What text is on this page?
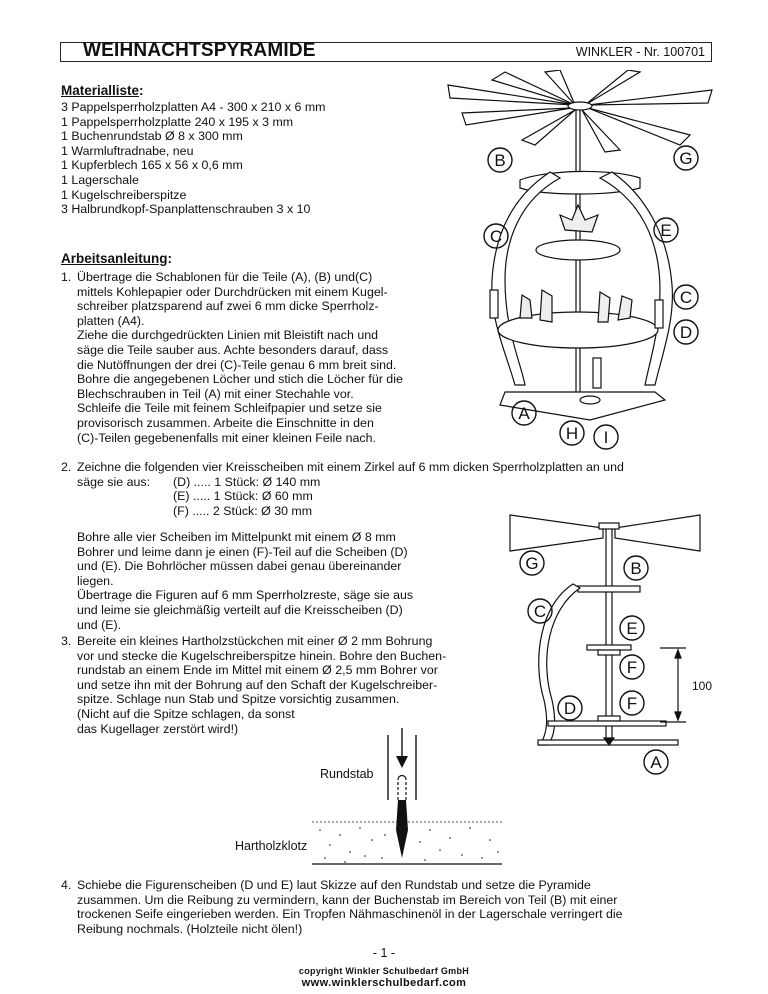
WEIHNACHTSPYRAMIDE	WINKLER - Nr. 100701
Materialliste:
3 Pappelsperrholzplatten A4 - 300 x 210 x 6 mm
1 Pappelsperrholzplatte 240 x 195 x 3 mm
1 Buchenrundstab Ø 8 x 300 mm
1 Warmluftradnabe, neu
1 Kupferblech 165 x 56 x 0,6 mm
1 Lagerschale
1 Kugelschreiberspitze
3 Halbrundkopf-Spanplattenschrauben 3 x 10
Arbeitsanleitung:
1. Übertrage die Schablonen für die Teile (A), (B) und(C)
mittels Kohlepapier oder Durchdrücken mit einem Kugel-
schreiber platzsparend auf zwei 6 mm dicke Sperrholz-
platten (A4).
Ziehe die durchgedrückten Linien mit Bleistift nach und
säge die Teile sauber aus. Achte besonders darauf, dass
die Nutöffnungen der drei (C)-Teile genau 6 mm breit sind.
Bohre die angegebenen Löcher und stich die Löcher für die
Blechschrauben in Teil (A) mit einer Stechahle vor.
Schleife die Teile mit feinem Schleifpapier und setze sie
provisorisch zusammen. Arbeite die Einschnitte in den
(C)-Teilen gegebenenfalls mit einer kleinen Feile nach.
2. Zeichne die folgenden vier Kreisscheiben mit einem Zirkel auf 6 mm dicken Sperrholzplatten an und
säge sie aus: (D) ..... 1 Stück: Ø 140 mm
(E) ..... 1 Stück: Ø 60 mm
(F) ..... 2 Stück: Ø 30 mm
Bohre alle vier Scheiben im Mittelpunkt mit einem Ø 8 mm
Bohrer und leime dann je einen (F)-Teil auf die Scheiben (D)
und (E). Die Bohrlöcher müssen dabei genau übereinander
liegen.
Übertrage die Figuren auf 6 mm Sperrholzreste, säge sie aus
und leime sie gleichmäßig verteilt auf die Kreisscheiben (D)
und (E).
3. Bereite ein kleines Hartholzstückchen mit einer Ø 2 mm Bohrung
vor und stecke die Kugelschreiberspitze hinein. Bohre den Buchen-
rundstab an einem Ende im Mittel mit einem Ø 2,5 mm Bohrer vor
und setze ihn mit der Bohrung auf den Schaft der Kugelschreiber-
spitze. Schlage nun Stab und Spitze vorsichtig zusammen.
(Nicht auf die Spitze schlagen, da sonst
das Kugellager zerstört wird!)
4. Schiebe die Figurenscheiben (D und E) laut Skizze auf den Rundstab und setze die Pyramide
zusammen. Um die Reibung zu vermindern, kann der Buchenstab im Bereich von Teil (B) mit einer
trockenen Seife eingerieben werden. Ein Tropfen Nähmaschinenöl in der Lagerschale verringert die
Reibung nochmals. (Holzteile nicht ölen!)
B	G
C	E
C
D
A
H I
G	B
C
E
F
F
D
A
100
Rundstab
Hartholzklotz
- 1 -
copyright Winkler Schulbedarf GmbH
www.winklerschulbedarf.com
